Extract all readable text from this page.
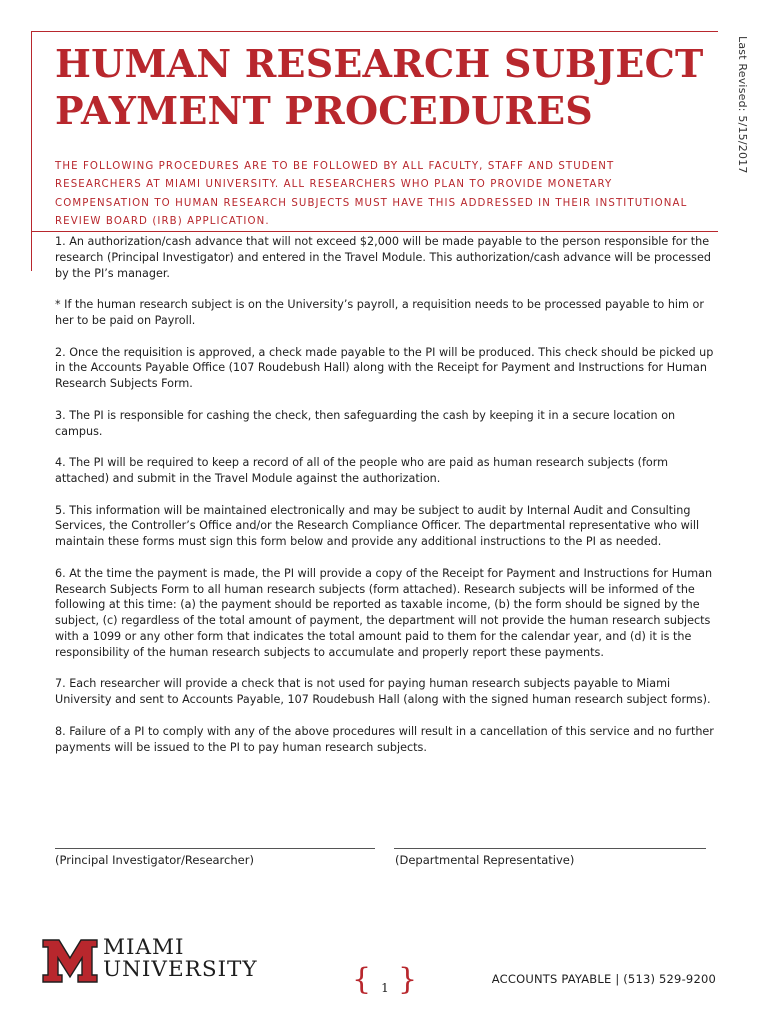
HUMAN RESEARCH SUBJECT PAYMENT PROCEDURES	Last Revised: 5/15/2017

THE FOLLOWING PROCEDURES ARE TO BE FOLLOWED BY ALL FACULTY, STAFF AND STUDENT RESEARCHERS AT MIAMI UNIVERSITY. ALL RESEARCHERS WHO PLAN TO PROVIDE MONETARY COMPENSATION TO HUMAN RESEARCH SUBJECTS MUST HAVE THIS ADDRESSED IN THEIR INSTITUTIONAL REVIEW BOARD (IRB) APPLICATION.

1. An authorization/cash advance that will not exceed $2,000 will be made payable to the person responsible for the research (Principal Investigator) and entered in the Travel Module. This authorization/cash advance will be processed by the PI’s manager.

* If the human research subject is on the University’s payroll, a requisition needs to be processed payable to him or her to be paid on Payroll.

2. Once the requisition is approved, a check made payable to the PI will be produced. This check should be picked up in the Accounts Payable Office (107 Roudebush Hall) along with the Receipt for Payment and Instructions for Human Research Subjects Form.

3. The PI is responsible for cashing the check, then safeguarding the cash by keeping it in a secure location on campus.

4. The PI will be required to keep a record of all of the people who are paid as human research subjects (form attached) and submit in the Travel Module against the authorization.

5. This information will be maintained electronically and may be subject to audit by Internal Audit and Consulting Services, the Controller’s Office and/or the Research Compliance Officer. The departmental representative who will maintain these forms must sign this form below and provide any additional instructions to the PI as needed.

6. At the time the payment is made, the PI will provide a copy of the Receipt for Payment and Instructions for Human Research Subjects Form to all human research subjects (form attached). Research subjects will be informed of the following at this time: (a) the payment should be reported as taxable income, (b) the form should be signed by the subject, (c) regardless of the total amount of payment, the department will not provide the human research subjects with a 1099 or any other form that indicates the total amount paid to them for the calendar year, and (d) it is the responsibility of the human research subjects to accumulate and properly report these payments.

7. Each researcher will provide a check that is not used for paying human research subjects payable to Miami University and sent to Accounts Payable, 107 Roudebush Hall (along with the signed human research subject forms).

8. Failure of a PI to comply with any of the above procedures will result in a cancellation of this service and no further payments will be issued to the PI to pay human research subjects.

(Principal Investigator/Researcher)	(Departmental Representative)
MIAMI
UNIVERSITY	{ 1 }	ACCOUNTS PAYABLE | (513) 529-9200
